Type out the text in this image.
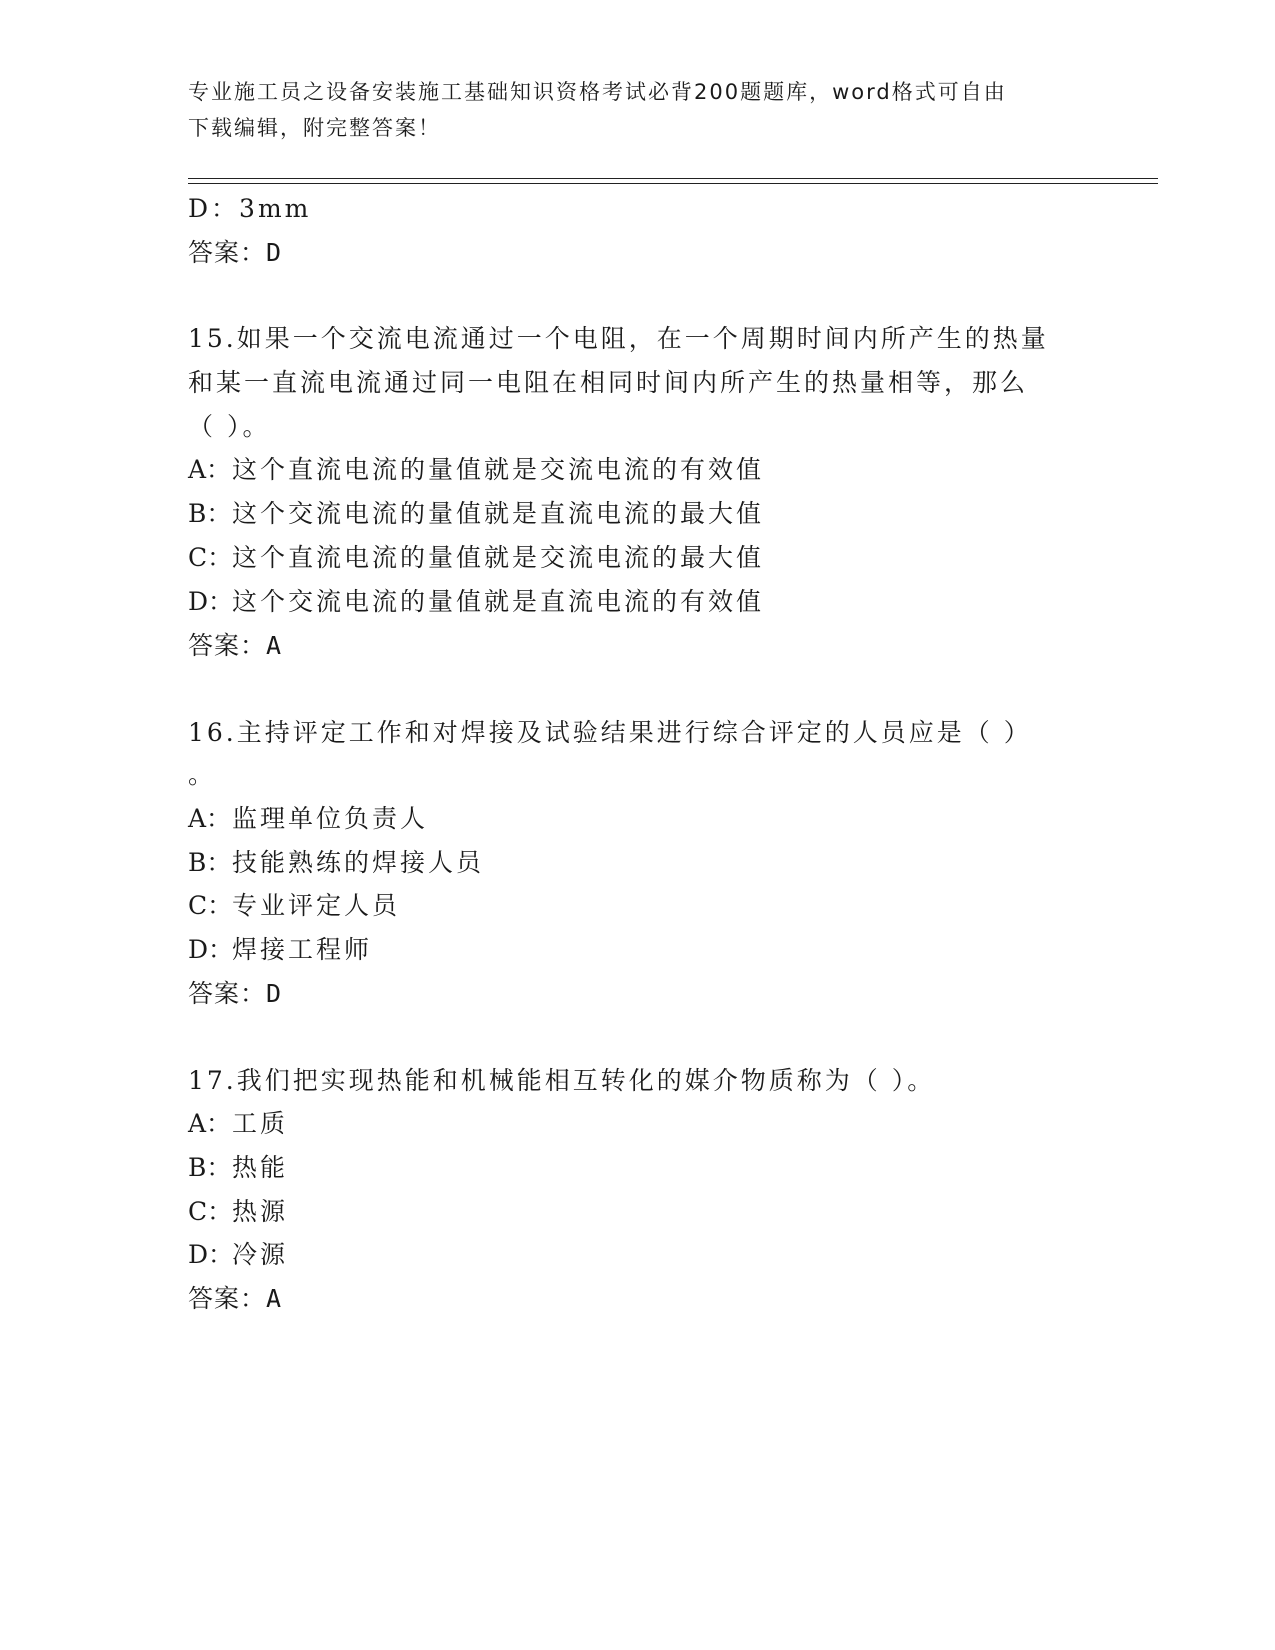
专业施工员之设备安装施工基础知识资格考试必背200题题库，word格式可自由
下载编辑，附完整答案！
D：3mm
答案：D
15.如果一个交流电流通过一个电阻，在一个周期时间内所产生的热量
和某一直流电流通过同一电阻在相同时间内所产生的热量相等，那么
（ ）。
A：这个直流电流的量值就是交流电流的有效值
B：这个交流电流的量值就是直流电流的最大值
C：这个直流电流的量值就是交流电流的最大值
D：这个交流电流的量值就是直流电流的有效值
答案：A
16.主持评定工作和对焊接及试验结果进行综合评定的人员应是（ ）
。
A：监理单位负责人
B：技能熟练的焊接人员
C：专业评定人员
D：焊接工程师
答案：D
17.我们把实现热能和机械能相互转化的媒介物质称为（ ）。
A：工质
B：热能
C：热源
D：冷源
答案：A
